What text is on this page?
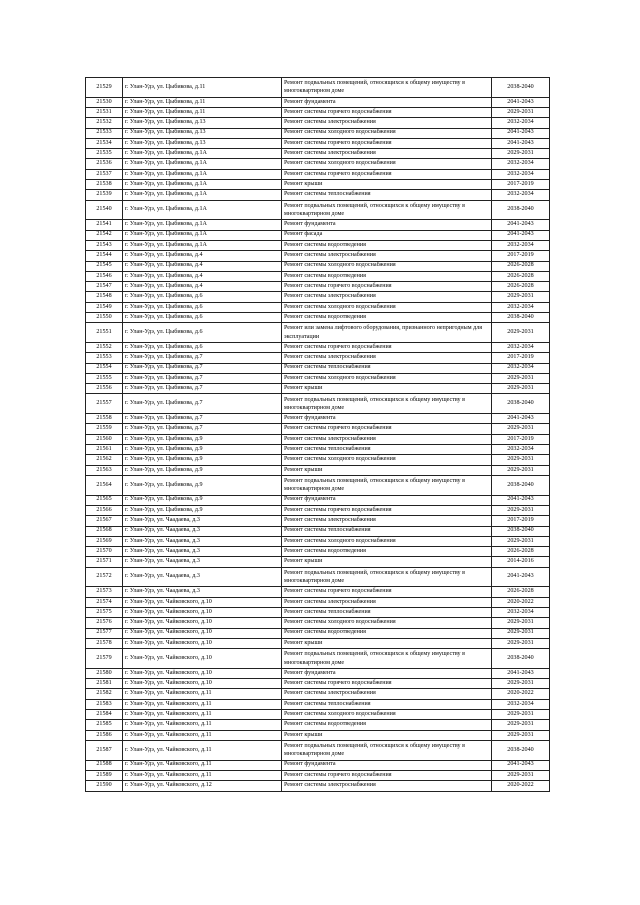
21529	г. Улан-Удэ, ул. Цыбикова, д.11	Ремонт подвальных помещений, относящихся к общему имуществу в многоквартирном доме	2038-2040
21530	г. Улан-Удэ, ул. Цыбикова, д.11	Ремонт фундамента	2041-2043
21531	г. Улан-Удэ, ул. Цыбикова, д.11	Ремонт системы горячего водоснабжения	2029-2031
21532	г. Улан-Удэ, ул. Цыбикова, д.13	Ремонт системы электроснабжения	2032-2034
21533	г. Улан-Удэ, ул. Цыбикова, д.13	Ремонт системы холодного водоснабжения	2041-2043
21534	г. Улан-Удэ, ул. Цыбикова, д.13	Ремонт системы горячего водоснабжения	2041-2043
21535	г. Улан-Удэ, ул. Цыбикова, д.1А	Ремонт системы электроснабжения	2029-2031
21536	г. Улан-Удэ, ул. Цыбикова, д.1А	Ремонт системы холодного водоснабжения	2032-2034
21537	г. Улан-Удэ, ул. Цыбикова, д.1А	Ремонт системы горячего водоснабжения	2032-2034
21538	г. Улан-Удэ, ул. Цыбикова, д.1А	Ремонт крыши	2017-2019
21539	г. Улан-Удэ, ул. Цыбикова, д.1А	Ремонт системы теплоснабжения	2032-2034
21540	г. Улан-Удэ, ул. Цыбикова, д.1А	Ремонт подвальных помещений, относящихся к общему имуществу в многоквартирном доме	2038-2040
21541	г. Улан-Удэ, ул. Цыбикова, д.1А	Ремонт фундамента	2041-2043
21542	г. Улан-Удэ, ул. Цыбикова, д.1А	Ремонт фасада	2041-2043
21543	г. Улан-Удэ, ул. Цыбикова, д.1А	Ремонт системы водоотведения	2032-2034
21544	г. Улан-Удэ, ул. Цыбикова, д.4	Ремонт системы электроснабжения	2017-2019
21545	г. Улан-Удэ, ул. Цыбикова, д.4	Ремонт системы холодного водоснабжения	2026-2028
21546	г. Улан-Удэ, ул. Цыбикова, д.4	Ремонт системы водоотведения	2026-2028
21547	г. Улан-Удэ, ул. Цыбикова, д.4	Ремонт системы горячего водоснабжения	2026-2028
21548	г. Улан-Удэ, ул. Цыбикова, д.6	Ремонт системы электроснабжения	2029-2031
21549	г. Улан-Удэ, ул. Цыбикова, д.6	Ремонт системы холодного водоснабжения	2032-2034
21550	г. Улан-Удэ, ул. Цыбикова, д.6	Ремонт системы водоотведения	2038-2040
21551	г. Улан-Удэ, ул. Цыбикова, д.6	Ремонт или замена лифтового оборудования, признанного непригодным для эксплуатации	2029-2031
21552	г. Улан-Удэ, ул. Цыбикова, д.6	Ремонт системы горячего водоснабжения	2032-2034
21553	г. Улан-Удэ, ул. Цыбикова, д.7	Ремонт системы электроснабжения	2017-2019
21554	г. Улан-Удэ, ул. Цыбикова, д.7	Ремонт системы теплоснабжения	2032-2034
21555	г. Улан-Удэ, ул. Цыбикова, д.7	Ремонт системы холодного водоснабжения	2029-2031
21556	г. Улан-Удэ, ул. Цыбикова, д.7	Ремонт крыши	2029-2031
21557	г. Улан-Удэ, ул. Цыбикова, д.7	Ремонт подвальных помещений, относящихся к общему имуществу в многоквартирном доме	2038-2040
21558	г. Улан-Удэ, ул. Цыбикова, д.7	Ремонт фундамента	2041-2043
21559	г. Улан-Удэ, ул. Цыбикова, д.7	Ремонт системы горячего водоснабжения	2029-2031
21560	г. Улан-Удэ, ул. Цыбикова, д.9	Ремонт системы электроснабжения	2017-2019
21561	г. Улан-Удэ, ул. Цыбикова, д.9	Ремонт системы теплоснабжения	2032-2034
21562	г. Улан-Удэ, ул. Цыбикова, д.9	Ремонт системы холодного водоснабжения	2029-2031
21563	г. Улан-Удэ, ул. Цыбикова, д.9	Ремонт крыши	2029-2031
21564	г. Улан-Удэ, ул. Цыбикова, д.9	Ремонт подвальных помещений, относящихся к общему имуществу в многоквартирном доме	2038-2040
21565	г. Улан-Удэ, ул. Цыбикова, д.9	Ремонт фундамента	2041-2043
21566	г. Улан-Удэ, ул. Цыбикова, д.9	Ремонт системы горячего водоснабжения	2029-2031
21567	г. Улан-Удэ, ул. Чаадаева, д.3	Ремонт системы электроснабжения	2017-2019
21568	г. Улан-Удэ, ул. Чаадаева, д.3	Ремонт системы теплоснабжения	2038-2040
21569	г. Улан-Удэ, ул. Чаадаева, д.3	Ремонт системы холодного водоснабжения	2029-2031
21570	г. Улан-Удэ, ул. Чаадаева, д.3	Ремонт системы водоотведения	2026-2028
21571	г. Улан-Удэ, ул. Чаадаева, д.3	Ремонт крыши	2014-2016
21572	г. Улан-Удэ, ул. Чаадаева, д.3	Ремонт подвальных помещений, относящихся к общему имуществу в многоквартирном доме	2041-2043
21573	г. Улан-Удэ, ул. Чаадаева, д.3	Ремонт системы горячего водоснабжения	2026-2028
21574	г. Улан-Удэ, ул. Чайковского, д.10	Ремонт системы электроснабжения	2020-2022
21575	г. Улан-Удэ, ул. Чайковского, д.10	Ремонт системы теплоснабжения	2032-2034
21576	г. Улан-Удэ, ул. Чайковского, д.10	Ремонт системы холодного водоснабжения	2029-2031
21577	г. Улан-Удэ, ул. Чайковского, д.10	Ремонт системы водоотведения	2029-2031
21578	г. Улан-Удэ, ул. Чайковского, д.10	Ремонт крыши	2029-2031
21579	г. Улан-Удэ, ул. Чайковского, д.10	Ремонт подвальных помещений, относящихся к общему имуществу в многоквартирном доме	2038-2040
21580	г. Улан-Удэ, ул. Чайковского, д.10	Ремонт фундамента	2041-2043
21581	г. Улан-Удэ, ул. Чайковского, д.10	Ремонт системы горячего водоснабжения	2029-2031
21582	г. Улан-Удэ, ул. Чайковского, д.11	Ремонт системы электроснабжения	2020-2022
21583	г. Улан-Удэ, ул. Чайковского, д.11	Ремонт системы теплоснабжения	2032-2034
21584	г. Улан-Удэ, ул. Чайковского, д.11	Ремонт системы холодного водоснабжения	2029-2031
21585	г. Улан-Удэ, ул. Чайковского, д.11	Ремонт системы водоотведения	2029-2031
21586	г. Улан-Удэ, ул. Чайковского, д.11	Ремонт крыши	2029-2031
21587	г. Улан-Удэ, ул. Чайковского, д.11	Ремонт подвальных помещений, относящихся к общему имуществу в многоквартирном доме	2038-2040
21588	г. Улан-Удэ, ул. Чайковского, д.11	Ремонт фундамента	2041-2043
21589	г. Улан-Удэ, ул. Чайковского, д.11	Ремонт системы горячего водоснабжения	2029-2031
21590	г. Улан-Удэ, ул. Чайковского, д.12	Ремонт системы электроснабжения	2020-2022
